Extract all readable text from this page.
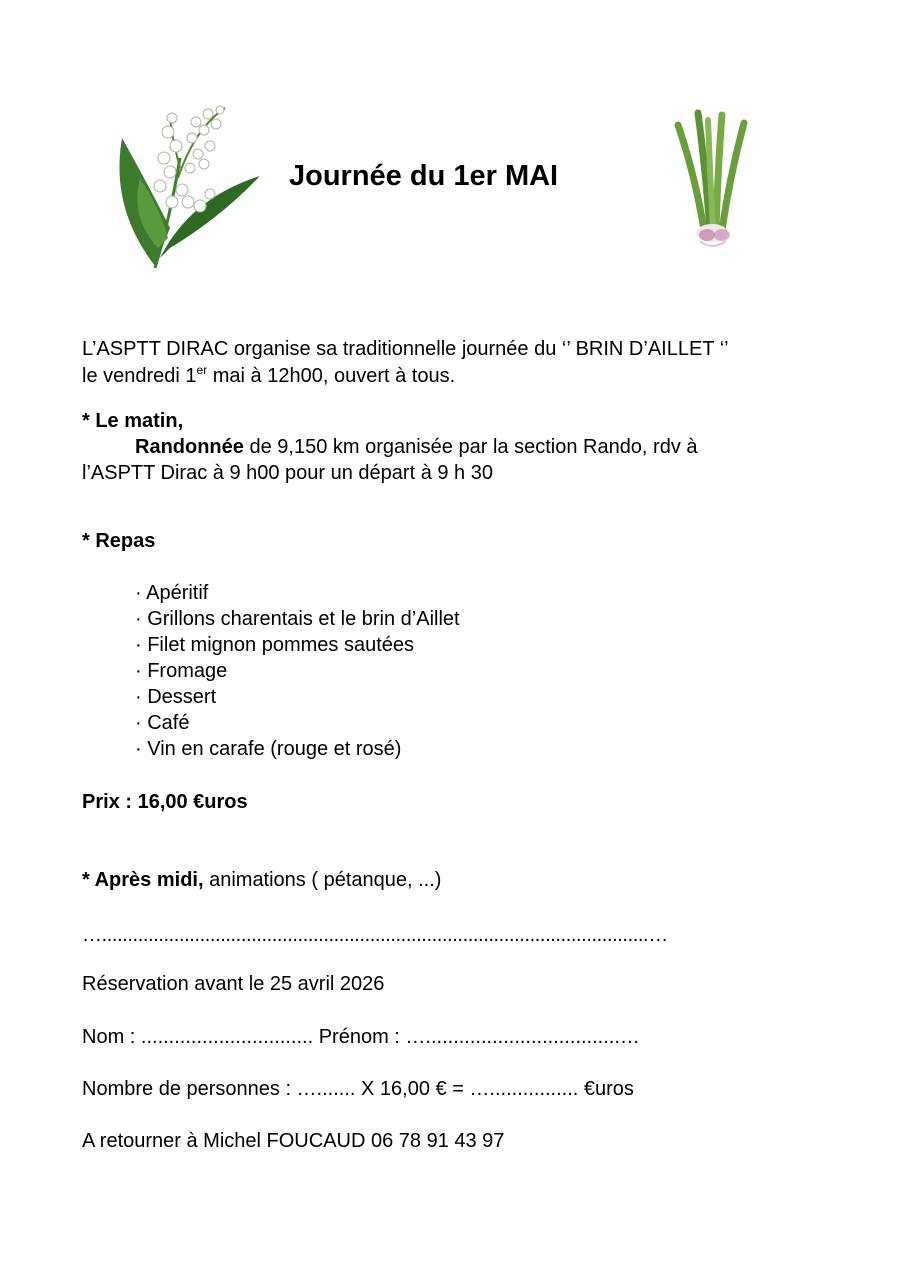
Journée du 1er MAI
L’ASPTT DIRAC organise sa traditionnelle journée du ‘’ BRIN D’AILLET ‘’
le vendredi 1er mai à 12h00, ouvert à tous.
* Le matin,
Randonnée de 9,150 km organisée par la section Rando, rdv à
l’ASPTT Dirac à 9 h00 pour un départ à 9 h 30
* Repas
· Apéritif
· Grillons charentais et le brin d’Aillet
· Filet mignon pommes sautées
· Fromage
· Dessert
· Café
· Vin en carafe (rouge et rosé)
Prix : 16,00 €uros
* Après midi, animations ( pétanque, ...)
…..........................................................................................................…
Réservation avant le 25 avril 2026
Nom : ............................... Prénom : …...................................…
Nombre de personnes : …....... X 16,00 € = …................ €uros
A retourner à Michel FOUCAUD 06 78 91 43 97
